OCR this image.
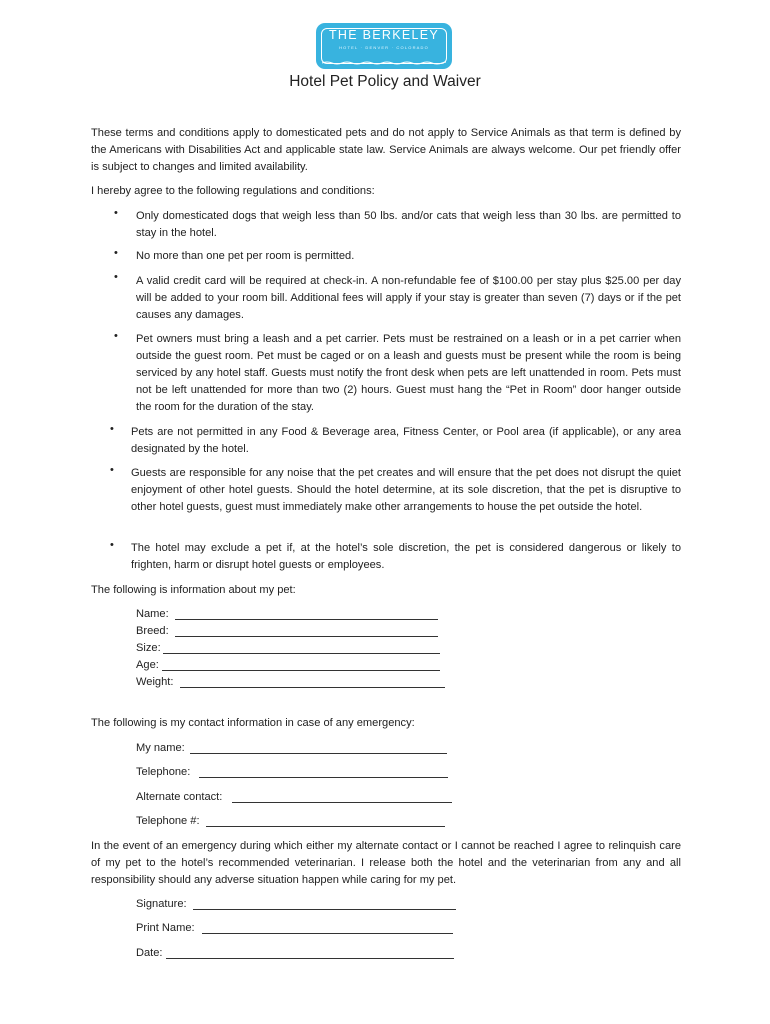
THE BERKELEY
HOTEL · DENVER · COLORADO
Hotel Pet Policy and Waiver
These terms and conditions apply to domesticated pets and do not apply to Service Animals as that term is defined by the Americans with Disabilities Act and applicable state law. Service Animals are always welcome. Our pet friendly offer is subject to changes and limited availability.
I hereby agree to the following regulations and conditions:
•	Only domesticated dogs that weigh less than 50 lbs. and/or cats that weigh less than 30 lbs. are permitted to stay in the hotel.
•	No more than one pet per room is permitted.
•	A valid credit card will be required at check-in. A non-refundable fee of $100.00 per stay plus $25.00 per day will be added to your room bill. Additional fees will apply if your stay is greater than seven (7) days or if the pet causes any damages.
•	Pet owners must bring a leash and a pet carrier. Pets must be restrained on a leash or in a pet carrier when outside the guest room. Pet must be caged or on a leash and guests must be present while the room is being serviced by any hotel staff. Guests must notify the front desk when pets are left unattended in room. Pets must not be left unattended for more than two (2) hours. Guest must hang the “Pet in Room” door hanger outside the room for the duration of the stay.
•	Pets are not permitted in any Food & Beverage area, Fitness Center, or Pool area (if applicable), or any area designated by the hotel.
•	Guests are responsible for any noise that the pet creates and will ensure that the pet does not disrupt the quiet enjoyment of other hotel guests. Should the hotel determine, at its sole discretion, that the pet is disruptive to other hotel guests, guest must immediately make other arrangements to house the pet outside the hotel.
•	The hotel may exclude a pet if, at the hotel’s sole discretion, the pet is considered dangerous or likely to frighten, harm or disrupt hotel guests or employees.
The following is information about my pet:
Name:
Breed:
Size:
Age:
Weight:
The following is my contact information in case of any emergency:
My name:
Telephone:
Alternate contact:
Telephone #:
In the event of an emergency during which either my alternate contact or I cannot be reached I agree to relinquish care of my pet to the hotel’s recommended veterinarian. I release both the hotel and the veterinarian from any and all responsibility should any adverse situation happen while caring for my pet.
Signature:
Print Name:
Date:
